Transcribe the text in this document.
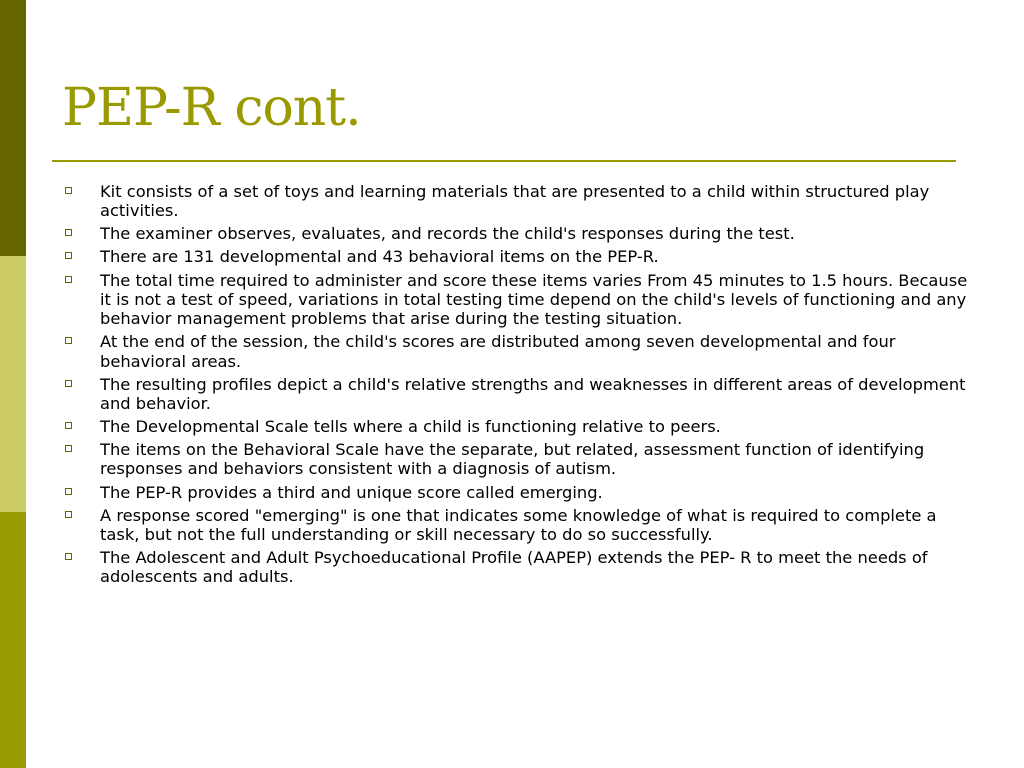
PEP-R cont.
Kit consists of a set of toys and learning materials that are presented to a child within structured play activities.
The examiner observes, evaluates, and records the child's responses during the test.
There are 131 developmental and 43 behavioral items on the PEP-R.
The total time required to administer and score these items varies From 45 minutes to 1.5 hours. Because it is not a test of speed, variations in total testing time depend on the child's levels of functioning and any behavior management problems that arise during the testing situation.
At the end of the session, the child's scores are distributed among seven developmental and four behavioral areas.
The resulting profiles depict a child's relative strengths and weaknesses in different areas of development and behavior.
The Developmental Scale tells where a child is functioning relative to peers.
The items on the Behavioral Scale have the separate, but related, assessment function of identifying responses and behaviors consistent with a diagnosis of autism.
The PEP-R provides a third and unique score called emerging.
A response scored "emerging" is one that indicates some knowledge of what is required to complete a task, but not the full understanding or skill necessary to do so successfully.
The Adolescent and Adult Psychoeducational Profile (AAPEP) extends the PEP- R to meet the needs of adolescents and adults.
